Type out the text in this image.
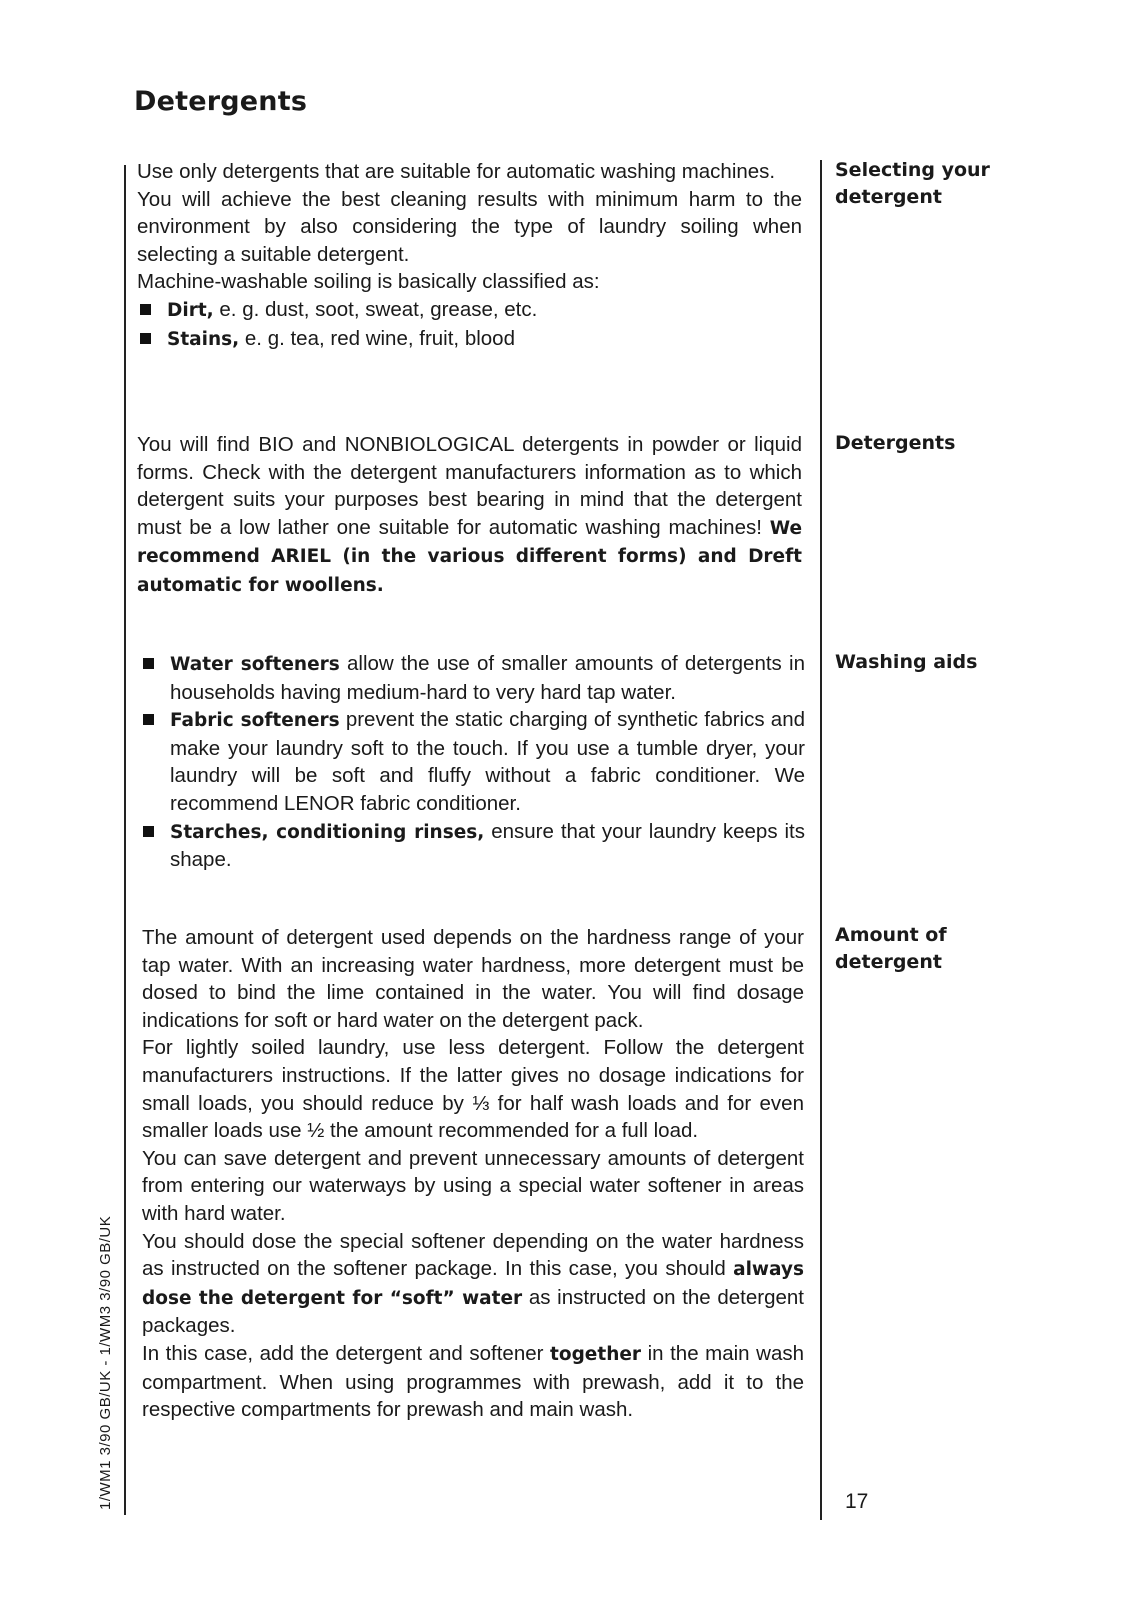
Detergents

Use only detergents that are suitable for automatic washing machines.

You will achieve the best cleaning results with minimum harm to the environment by also considering the type of laundry soiling when selecting a suitable detergent.

Machine-washable soiling is basically classified as:

Dirt, e. g. dust, soot, sweat, grease, etc.
Stains, e. g. tea, red wine, fruit, blood
Selecting your detergent

You will find BIO and NONBIOLOGICAL detergents in powder or liquid forms. Check with the detergent manufacturers information as to which detergent suits your purposes best bearing in mind that the detergent must be a low lather one suitable for automatic washing machines! We recommend ARIEL (in the various different forms) and Dreft automatic for woollens.

Detergents
Water softeners allow the use of smaller amounts of detergents in households having medium-hard to very hard tap water.
Fabric softeners prevent the static charging of synthetic fabrics and make your laundry soft to the touch. If you use a tumble dryer, your laundry will be soft and fluffy without a fabric conditioner. We recommend LENOR fabric conditioner.
Starches, conditioning rinses, ensure that your laundry keeps its shape.
Washing aids

The amount of detergent used depends on the hardness range of your tap water. With an increasing water hardness, more detergent must be dosed to bind the lime contained in the water. You will find dosage indications for soft or hard water on the detergent pack.

For lightly soiled laundry, use less detergent. Follow the detergent manufacturers instructions. If the latter gives no dosage indications for small loads, you should reduce by ⅓ for half wash loads and for even smaller loads use ½ the amount recommended for a full load.

You can save detergent and prevent unnecessary amounts of detergent from entering our waterways by using a special water softener in areas with hard water.

You should dose the special softener depending on the water hardness as instructed on the softener package. In this case, you should always dose the detergent for “soft” water as instructed on the detergent packages.

In this case, add the detergent and softener together in the main wash compartment. When using programmes with prewash, add it to the respective compartments for prewash and main wash.

Amount of detergent
1/WM1 3/90 GB/UK - 1/WM3 3/90 GB/UK	17
